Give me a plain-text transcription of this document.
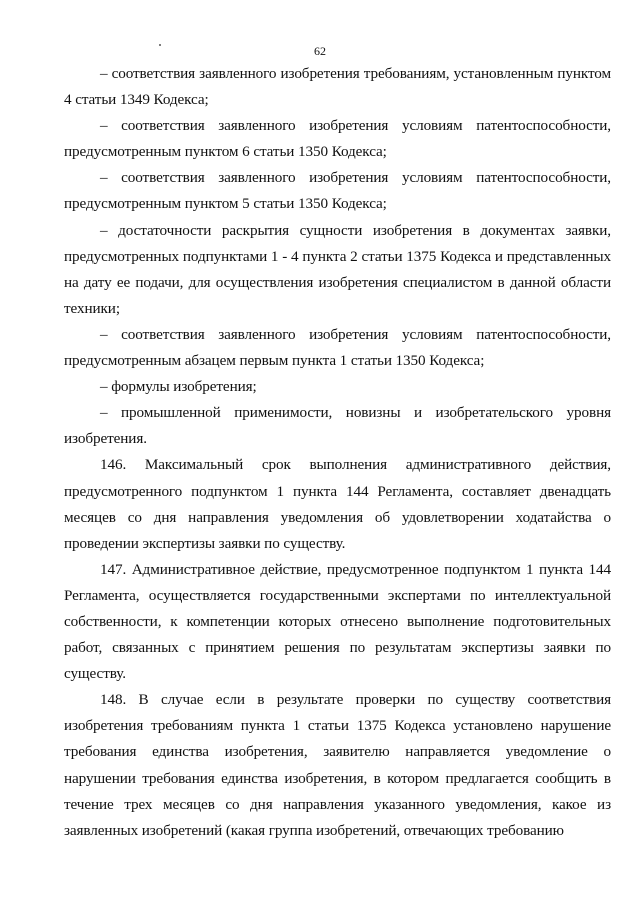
62

– соответствия заявленного изобретения требованиям, установленным пунктом 4 статьи 1349 Кодекса;

– соответствия заявленного изобретения условиям патентоспособности, предусмотренным пунктом 6 статьи 1350 Кодекса;

– соответствия заявленного изобретения условиям патентоспособности, предусмотренным пунктом 5 статьи 1350 Кодекса;

– достаточности раскрытия сущности изобретения в документах заявки, предусмотренных подпунктами 1 - 4 пункта 2 статьи 1375 Кодекса и представленных на дату ее подачи, для осуществления изобретения специалистом в данной области техники;

– соответствия заявленного изобретения условиям патентоспособности, предусмотренным абзацем первым пункта 1 статьи 1350 Кодекса;

– формулы изобретения;

– промышленной применимости, новизны и изобретательского уровня изобретения.

146. Максимальный срок выполнения административного действия, предусмотренного подпунктом 1 пункта 144 Регламента, составляет двенадцать месяцев со дня направления уведомления об удовлетворении ходатайства о проведении экспертизы заявки по существу.

147. Административное действие, предусмотренное подпунктом 1 пункта 144 Регламента, осуществляется государственными экспертами по интеллектуальной собственности, к компетенции которых отнесено выполнение подготовительных работ, связанных с принятием решения по результатам экспертизы заявки по существу.

148. В случае если в результате проверки по существу соответствия изобретения требованиям пункта 1 статьи 1375 Кодекса установлено нарушение требования единства изобретения, заявителю направляется уведомление о нарушении требования единства изобретения, в котором предлагается сообщить в течение трех месяцев со дня направления указанного уведомления, какое из заявленных изобретений (какая группа изобретений, отвечающих требованию
